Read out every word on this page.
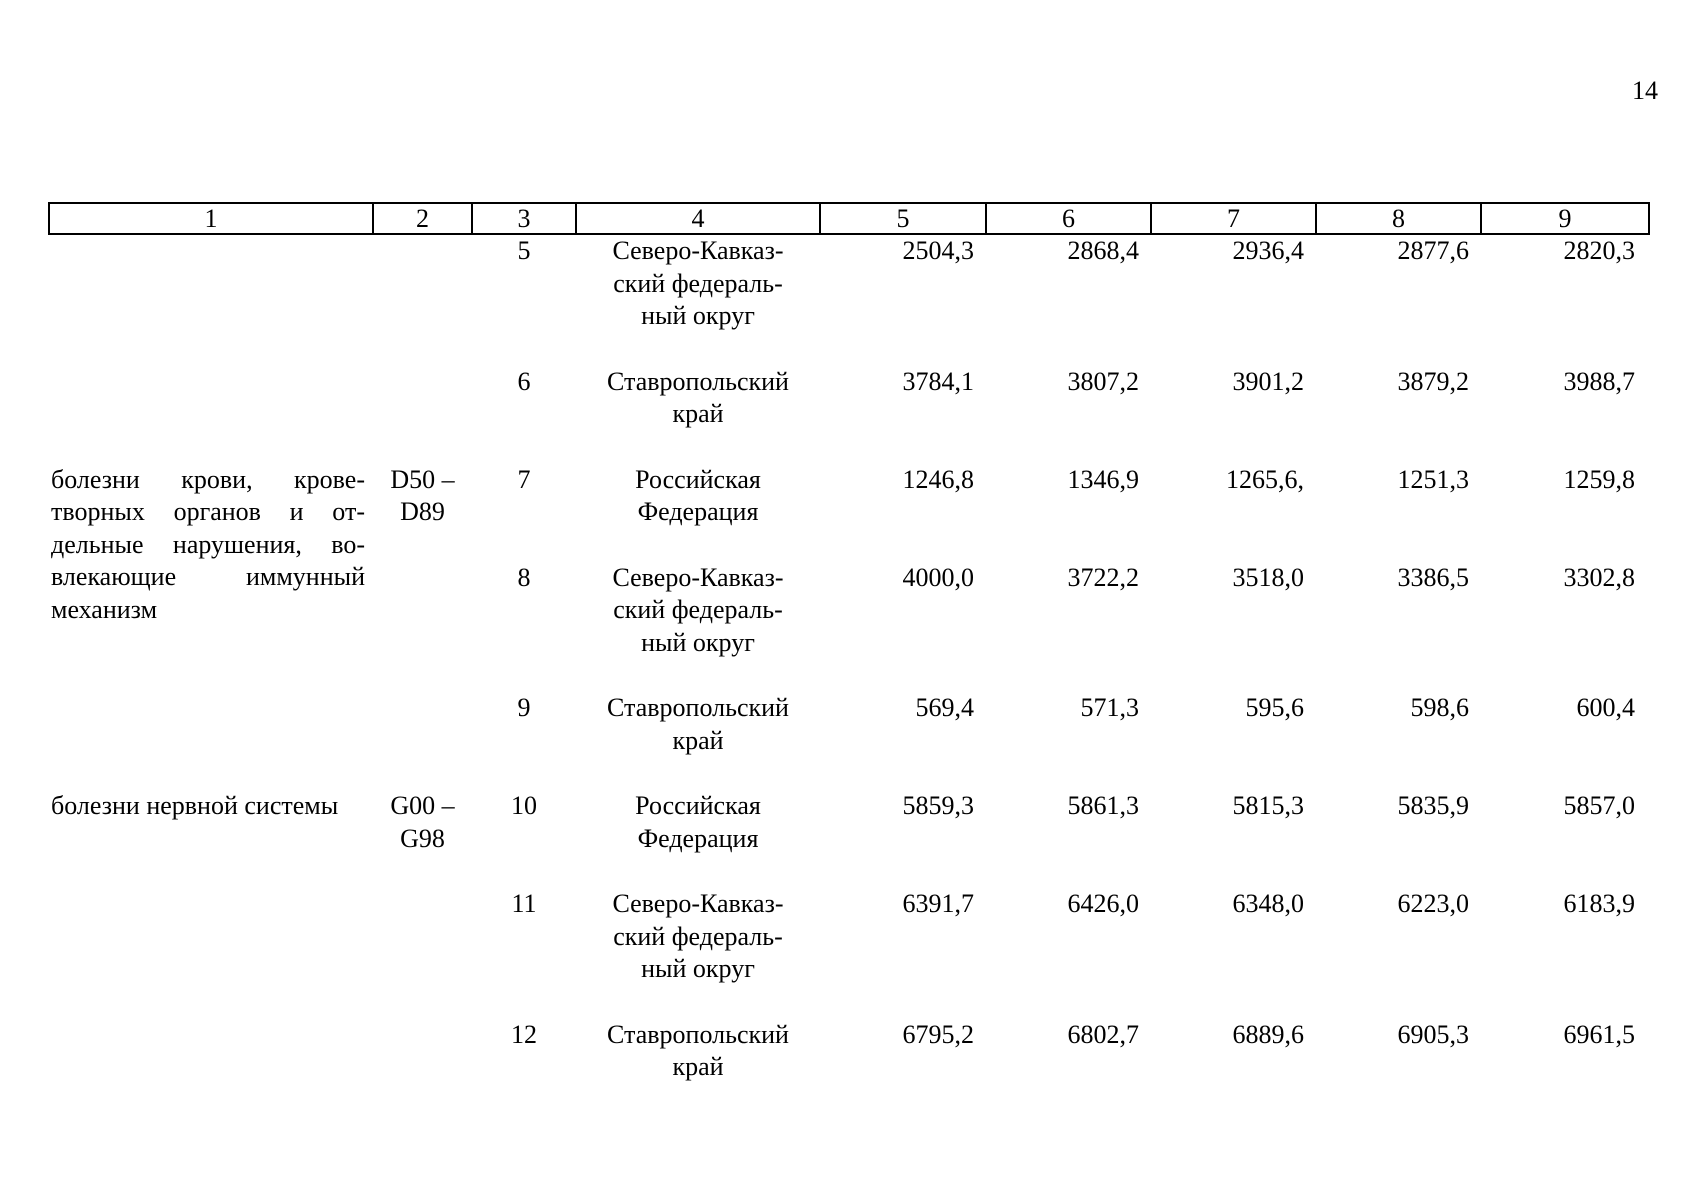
14
1	2	3	4	5	6	7	8	9
		5	Северо-Кавказ-ский федераль-ный округ	2504,3	2868,4	2936,4	2877,6	2820,3
		6	Ставропольский край	3784,1	3807,2	3901,2	3879,2	3988,7
болезни крови, крове-творных органов и от-дельные нарушения, во-влекающие иммунный механизм	D50 – D89	7	Российская Федерация	1246,8	1346,9	1265,6,	1251,3	1259,8
		8	Северо-Кавказ-ский федераль-ный округ	4000,0	3722,2	3518,0	3386,5	3302,8
		9	Ставропольский край	569,4	571,3	595,6	598,6	600,4
болезни нервной системы	G00 – G98	10	Российская Федерация	5859,3	5861,3	5815,3	5835,9	5857,0
		11	Северо-Кавказ-ский федераль-ный округ	6391,7	6426,0	6348,0	6223,0	6183,9
		12	Ставропольский край	6795,2	6802,7	6889,6	6905,3	6961,5
